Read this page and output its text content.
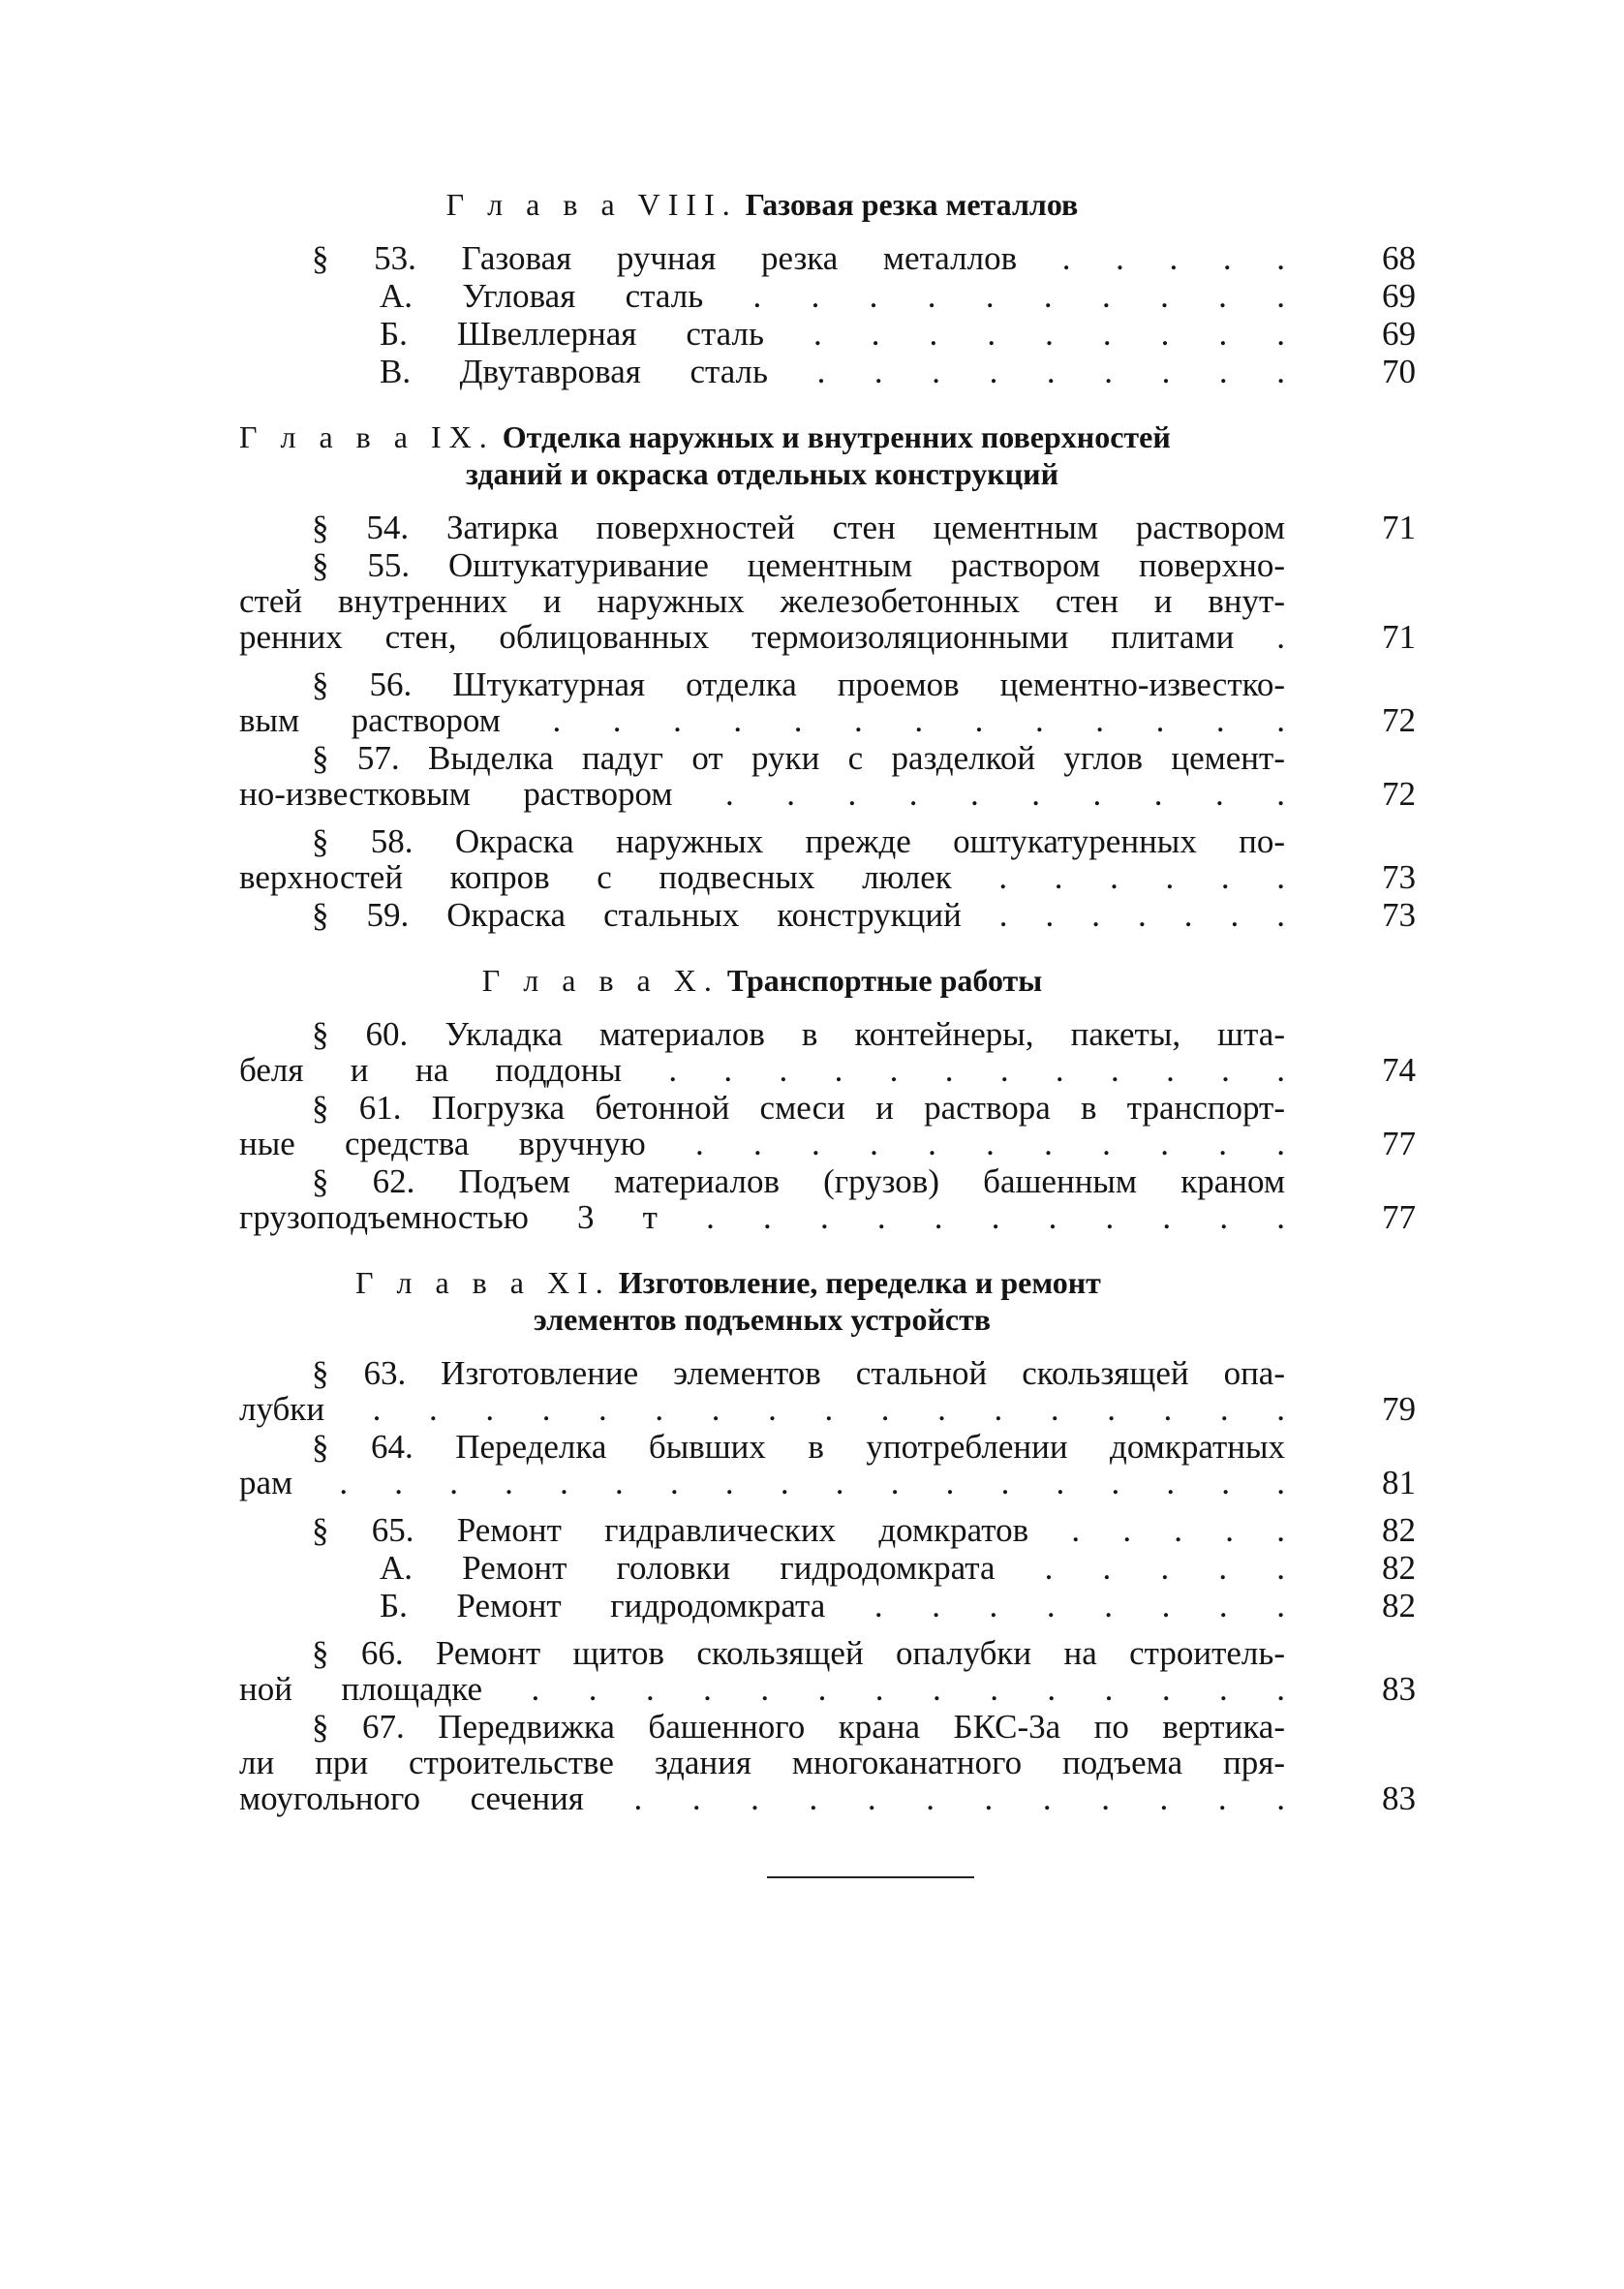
Г л а в а VIII. Газовая резка металлов
§ 53. Газовая ручная резка металлов . . . . .	68
А. Угловая сталь . . . . . . . . . .	69
Б. Швеллерная сталь . . . . . . . . .	69
В. Двутавровая сталь . . . . . . . . .	70
Г л а в а IX. Отделка наружных и внутренних поверхностей
зданий и окраска отдельных конструкций
§ 54. Затирка поверхностей стен цементным раствором	71
§ 55. Оштукатуривание цементным раствором поверхно-
стей внутренних и наружных железобетонных стен и внут-
ренних стен, облицованных термоизоляционными плитами .	71
§ 56. Штукатурная отделка проемов цементно-известко-
вым раствором . . . . . . . . . . . . .	72
§ 57. Выделка падуг от руки с разделкой углов цемент-
но-известковым раствором . . . . . . . . . .	72
§ 58. Окраска наружных прежде оштукатуренных по-
верхностей копров с подвесных люлек . . . . . .	73
§ 59. Окраска стальных конструкций . . . . . . .	73
Г л а в а X. Транспортные работы
§ 60. Укладка материалов в контейнеры, пакеты, шта-
беля и на поддоны . . . . . . . . . . . .	74
§ 61. Погрузка бетонной смеси и раствора в транспорт-
ные средства вручную . . . . . . . . . . .	77
§ 62. Подъем материалов (грузов) башенным краном
грузоподъемностью 3 т . . . . . . . . . . .	77
Г л а в а XI. Изготовление, переделка и ремонт
элементов подъемных устройств
§ 63. Изготовление элементов стальной скользящей опа-
лубки . . . . . . . . . . . . . . . . .	79
§ 64. Переделка бывших в употреблении домкратных
рам . . . . . . . . . . . . . . . . . .	81
§ 65. Ремонт гидравлических домкратов . . . . .	82
А. Ремонт головки гидродомкрата . . . . .	82
Б. Ремонт гидродомкрата . . . . . . . .	82
§ 66. Ремонт щитов скользящей опалубки на строитель-
ной площадке . . . . . . . . . . . . . .	83
§ 67. Передвижка башенного крана БКС-3а по вертика-
ли при строительстве здания многоканатного подъема пря-
моугольного сечения . . . . . . . . . . . .	83
